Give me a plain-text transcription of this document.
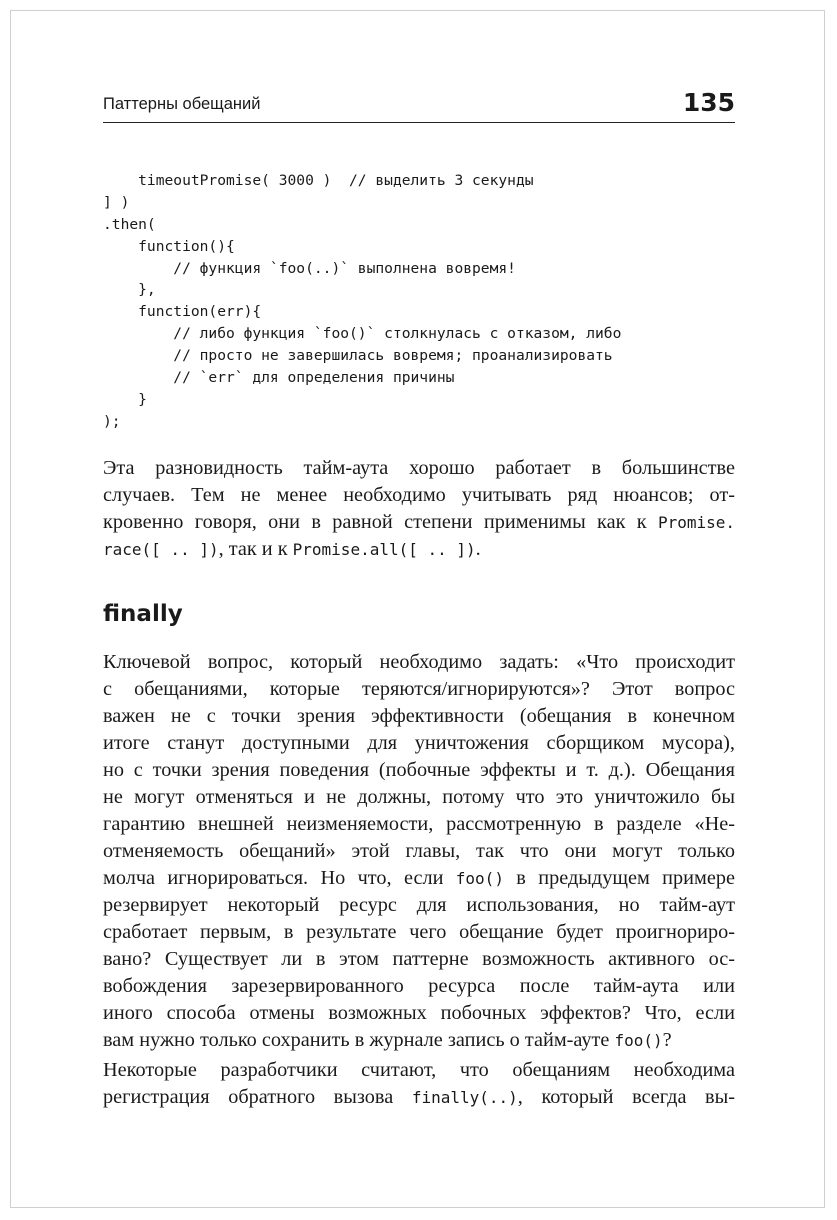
Паттерны обещаний	135
timeoutPromise( 3000 )  // выделить 3 секунды
] )
.then(
function(){
// функция `foo(..)` выполнена вовремя!
},
function(err){
// либо функция `foo()` столкнулась с отказом, либо
// просто не завершилась вовремя; проанализировать
// `err` для определения причины
}
);
Эта разновидность тайм-аута хорошо работает в большинстве
случаев. Тем не менее необходимо учитывать ряд нюансов; от-
кровенно говоря, они в равной степени применимы как к Promise.
race([ .. ]), так и к Promise.all([ .. ]).
finally
Ключевой вопрос, который необходимо задать: «Что происходит
с обещаниями, которые теряются/игнорируются»? Этот вопрос
важен не с точки зрения эффективности (обещания в конечном
итоге станут доступными для уничтожения сборщиком мусора),
но с точки зрения поведения (побочные эффекты и т. д.). Обещания
не могут отменяться и не должны, потому что это уничтожило бы
гарантию внешней неизменяемости, рассмотренную в разделе «Не-
отменяемость обещаний» этой главы, так что они могут только
молча игнорироваться. Но что, если foo() в предыдущем примере
резервирует некоторый ресурс для использования, но тайм-аут
сработает первым, в результате чего обещание будет проигнориро-
вано? Существует ли в этом паттерне возможность активного ос-
вобождения зарезервированного ресурса после тайм-аута или
иного способа отмены возможных побочных эффектов? Что, если
вам нужно только сохранить в журнале запись о тайм-ауте foo()?
Некоторые разработчики считают, что обещаниям необходима
регистрация обратного вызова finally(..), который всегда вы-
